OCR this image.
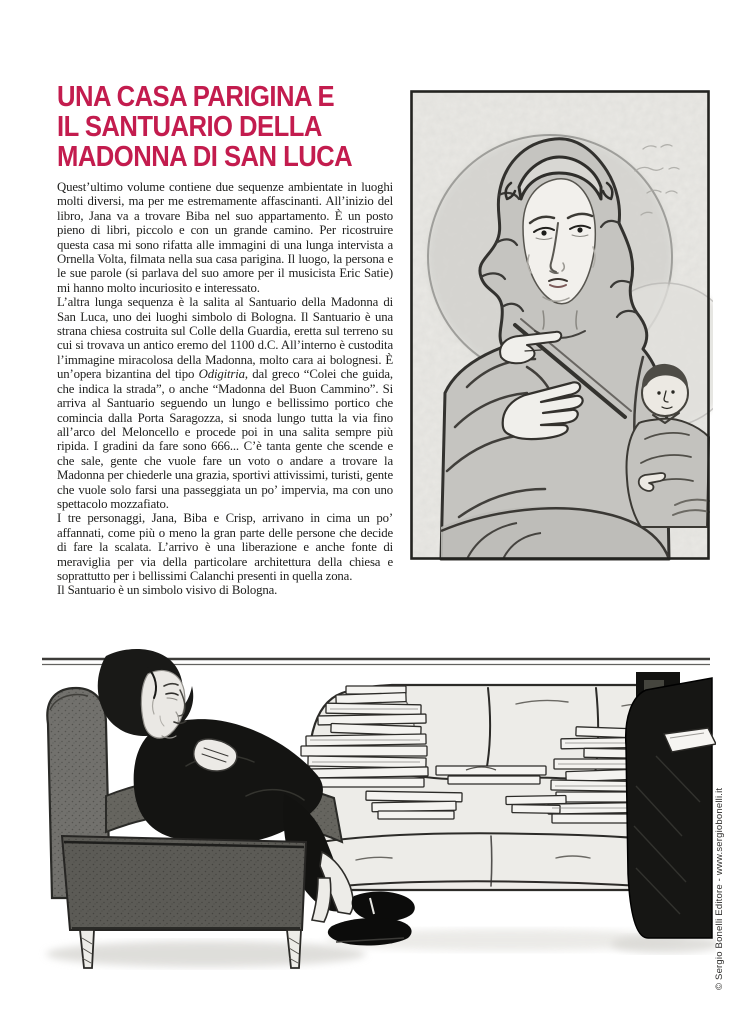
UNA CASA PARIGINA E
IL SANTUARIO DELLA
MADONNA DI SAN LUCA

Quest’ultimo volume contiene due sequenze ambientate in luoghi molti diversi, ma per me estremamente affascinanti. All’inizio del libro, Jana va a trovare Biba nel suo appartamento. È un posto pieno di libri, piccolo e con un grande camino. Per ricostruire questa casa mi sono rifatta alle immagini di una lunga intervista a Ornella Volta, filmata nella sua casa parigina. Il luogo, la persona e le sue parole (si parlava del suo amore per il musicista Eric Satie) mi hanno molto incuriosito e interessato.

L’altra lunga sequenza è la salita al Santuario della Madonna di San Luca, uno dei luoghi simbolo di Bologna. Il Santuario è una strana chiesa costruita sul Colle della Guardia, eretta sul terreno su cui si trovava un antico eremo del 1100 d.C. All’interno è custodita l’immagine miracolosa della Madonna, molto cara ai bolognesi. È un’opera bizantina del tipo Odigitria, dal greco “Colei che guida, che indica la strada”, o anche “Madonna del Buon Cammino”. Si arriva al Santuario seguendo un lungo e bellissimo portico che comincia dalla Porta Saragozza, si snoda lungo tutta la via fino all’arco del Meloncello e procede poi in una salita sempre più ripida. I gradini da fare sono 666... C’è tanta gente che scende e che sale, gente che vuole fare un voto o andare a trovare la Madonna per chiederle una grazia, sportivi attivissimi, turisti, gente che vuole solo farsi una passeggiata un po’ impervia, ma con uno spettacolo mozzafiato.

I tre personaggi, Jana, Biba e Crisp, arrivano in cima un po’ affannati, come più o meno la gran parte delle persone che decide di fare la scalata. L’arrivo è una liberazione e anche fonte di meraviglia per via della particolare architettura della chiesa e soprattutto per i bellissimi Calanchi presenti in quella zona.

Il Santuario è un simbolo visivo di Bologna.

© Sergio Bonelli Editore - www.sergiobonelli.it
